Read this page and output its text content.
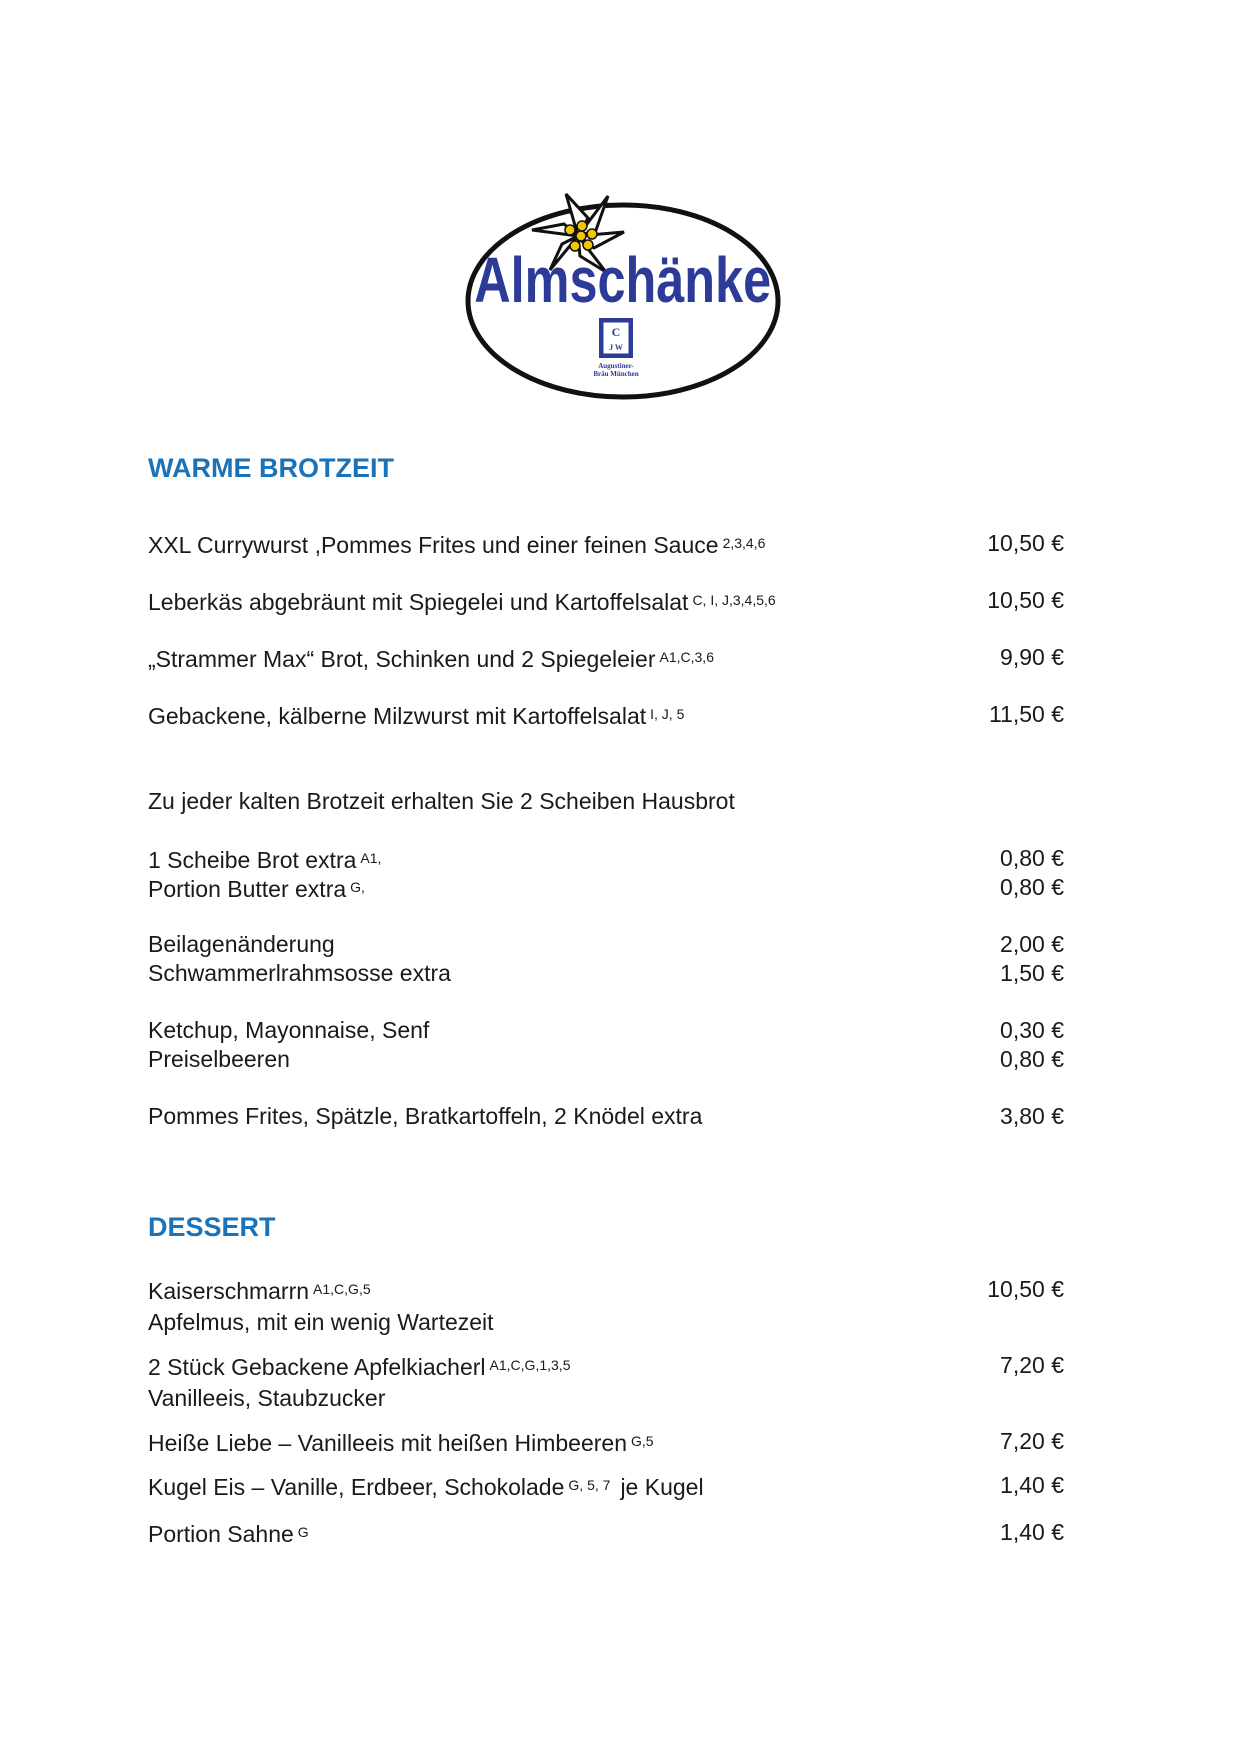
Almschänke
C
J W
Augustiner-
Bräu München
WARME BROTZEIT
XXL Currywurst ,Pommes Frites und einer feinen Sauce $^{2,3,4,6}$	10,50 €
Leberkäs abgebräunt mit Spiegelei und Kartoffelsalat $^{C, I, J,3,4,5,6}$	10,50 €
„Strammer Max“ Brot, Schinken und 2 Spiegeleier $^{A1,C,3,6}$	9,90 €
Gebackene, kälberne Milzwurst mit Kartoffelsalat $^{I, J, 5}$	11,50 €
Zu jeder kalten Brotzeit erhalten Sie 2 Scheiben Hausbrot
1 Scheibe Brot extra $^{A1,}$	0,80 €
Portion Butter extra $^{G,}$	0,80 €
Beilagenänderung	2,00 €
Schwammerlrahmsosse extra	1,50 €
Ketchup, Mayonnaise, Senf	0,30 €
Preiselbeeren	0,80 €
Pommes Frites, Spätzle, Bratkartoffeln, 2 Knödel extra	3,80 €
DESSERT
Kaiserschmarrn $^{A1,C,G,5}$	10,50 €
Apfelmus, mit ein wenig Wartezeit
2 Stück Gebackene Apfelkiacherl $^{A1,C,G,1,3,5}$	7,20 €
Vanilleeis, Staubzucker
Heiße Liebe – Vanilleeis mit heißen Himbeeren $^{G,5}$	7,20 €
Kugel Eis – Vanille, Erdbeer, Schokolade $^{G, 5, 7}$ je Kugel	1,40 €
Portion Sahne $^G$	1,40 €
